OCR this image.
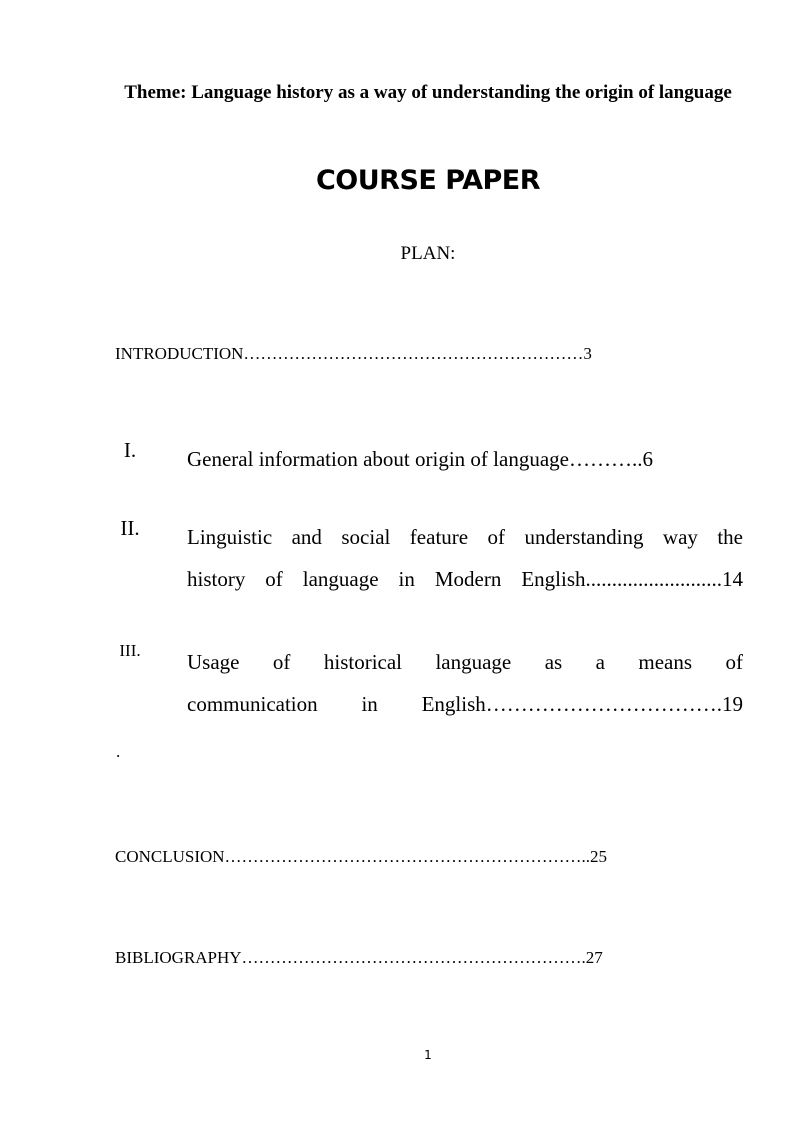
Theme: Language history as a way of understanding the origin of language
COURSE PAPER
PLAN:
INTRODUCTION……………………………………………………3
I.	General information about origin of language………..6
II. Linguistic and social feature of understanding way the
history of language in Modern English..........................14
III. Usage of historical language as a means of
communication in English…………………………….19
.
CONCLUSION………………………………………………………..25
BIBLIOGRAPHY…………………………………………………….27
1
